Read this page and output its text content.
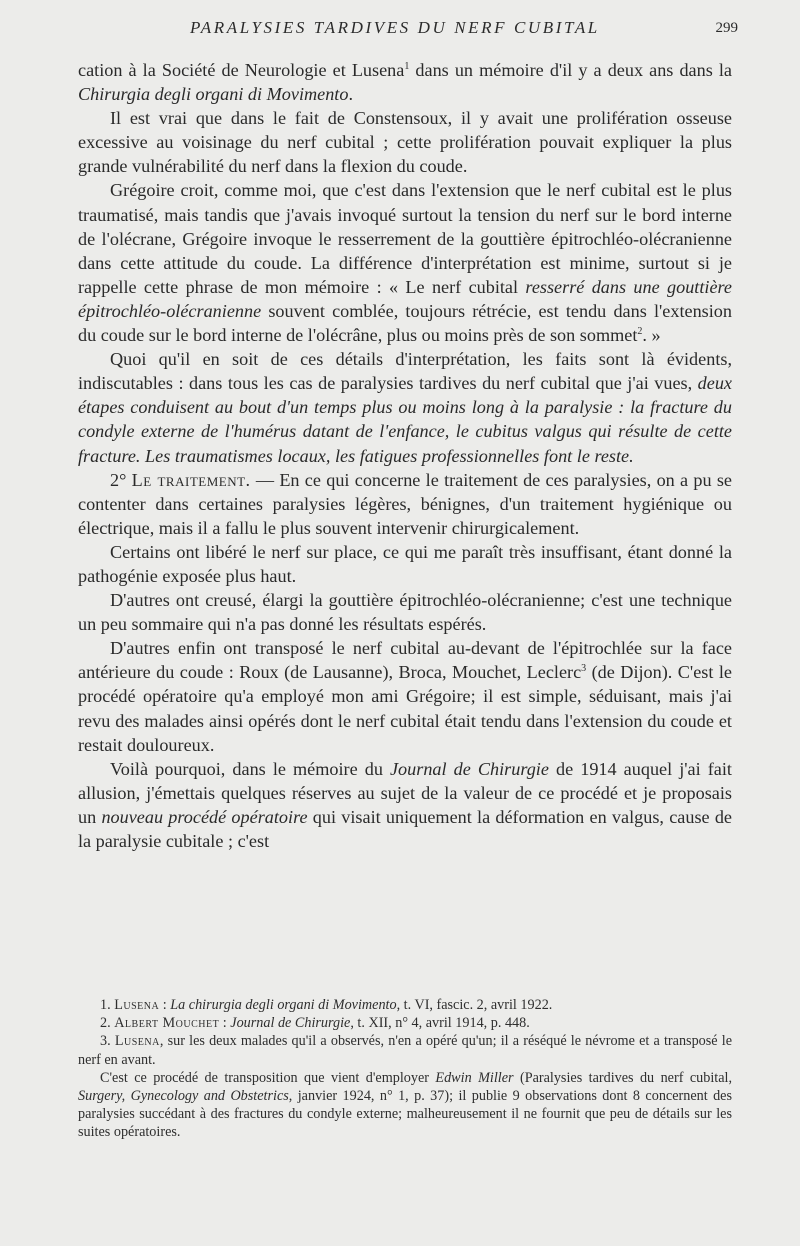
PARALYSIES TARDIVES DU NERF CUBITAL	299

cation à la Société de Neurologie et Lusena$^1$ dans un mémoire d'il y a deux ans dans la Chirurgia degli organi di Movimento.

Il est vrai que dans le fait de Constensoux, il y avait une prolifération osseuse excessive au voisinage du nerf cubital ; cette prolifération pouvait expliquer la plus grande vulnérabilité du nerf dans la flexion du coude.

Grégoire croit, comme moi, que c'est dans l'extension que le nerf cubital est le plus traumatisé, mais tandis que j'avais invoqué surtout la tension du nerf sur le bord interne de l'olécrane, Grégoire invoque le resserrement de la gouttière épitrochléo-olécranienne dans cette attitude du coude. La différence d'interprétation est minime, surtout si je rappelle cette phrase de mon mémoire : « Le nerf cubital resserré dans une gouttière épitrochléo-olécranienne souvent comblée, toujours rétrécie, est tendu dans l'extension du coude sur le bord interne de l'olécrâne, plus ou moins près de son sommet$^2$. »

Quoi qu'il en soit de ces détails d'interprétation, les faits sont là évidents, indiscutables : dans tous les cas de paralysies tardives du nerf cubital que j'ai vues, deux étapes conduisent au bout d'un temps plus ou moins long à la paralysie : la fracture du condyle externe de l'humérus datant de l'enfance, le cubitus valgus qui résulte de cette fracture. Les traumatismes locaux, les fatigues professionnelles font le reste.

2° Le traitement. — En ce qui concerne le traitement de ces paralysies, on a pu se contenter dans certaines paralysies légères, bénignes, d'un traitement hygiénique ou électrique, mais il a fallu le plus souvent intervenir chirurgicalement.

Certains ont libéré le nerf sur place, ce qui me paraît très insuffisant, étant donné la pathogénie exposée plus haut.

D'autres ont creusé, élargi la gouttière épitrochléo-olécranienne; c'est une technique un peu sommaire qui n'a pas donné les résultats espérés.

D'autres enfin ont transposé le nerf cubital au-devant de l'épitrochlée sur la face antérieure du coude : Roux (de Lausanne), Broca, Mouchet, Leclerc$^3$ (de Dijon). C'est le procédé opératoire qu'a employé mon ami Grégoire; il est simple, séduisant, mais j'ai revu des malades ainsi opérés dont le nerf cubital était tendu dans l'extension du coude et restait douloureux.

Voilà pourquoi, dans le mémoire du Journal de Chirurgie de 1914 auquel j'ai fait allusion, j'émettais quelques réserves au sujet de la valeur de ce procédé et je proposais un nouveau procédé opératoire qui visait uniquement la déformation en valgus, cause de la paralysie cubitale ; c'est

1. Lusena : La chirurgia degli organi di Movimento, t. VI, fascic. 2, avril 1922.

2. Albert Mouchet : Journal de Chirurgie, t. XII, n° 4, avril 1914, p. 448.

3. Lusena, sur les deux malades qu'il a observés, n'en a opéré qu'un; il a réséqué le névrome et a transposé le nerf en avant.

C'est ce procédé de transposition que vient d'employer Edwin Miller (Paralysies tardives du nerf cubital, Surgery, Gynecology and Obstetrics, janvier 1924, n° 1, p. 37); il publie 9 observations dont 8 concernent des paralysies succédant à des fractures du condyle externe; malheureusement il ne fournit que peu de détails sur les suites opératoires.
